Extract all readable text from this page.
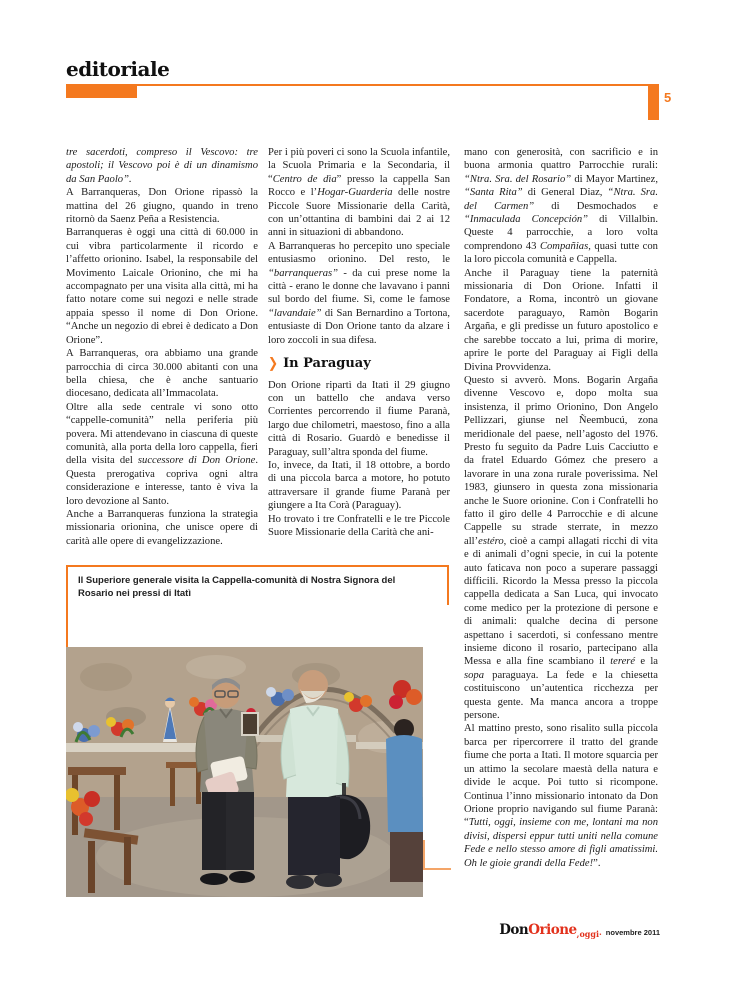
editoriale
5

tre sacerdoti, compreso il Vescovo: tre apostoli; il Vescovo poi è di un dinamismo da San Paolo”.

A Barranqueras, Don Orione ripassò la mattina del 26 giugno, quando in treno ritornò da Saenz Peña a Resistencia.

Barranqueras è oggi una città di 60.000 in cui vibra particolarmente il ricordo e l’affetto orionino. Isabel, la responsabile del Movimento Laicale Orionino, che mi ha accompagnato per una visita alla città, mi ha fatto notare come sui negozi e nelle strade appaia spesso il nome di Don Orione. “Anche un negozio di ebrei è dedicato a Don Orione”.

A Barranqueras, ora abbiamo una grande parrocchia di circa 30.000 abitanti con una bella chiesa, che è anche santuario diocesano, dedicata all’Immacolata.

Oltre alla sede centrale vi sono otto “cappelle-comunità” nella periferia più povera. Mi attendevano in ciascuna di queste comunità, alla porta della loro cappella, fieri della visita del successore di Don Orione. Questa prerogativa copriva ogni altra considerazione e interesse, tanto è viva la loro devozione al Santo.

Anche a Barranqueras funziona la strategia missionaria orionina, che unisce opere di carità alle opere di evangelizzazione.

Per i più poveri ci sono la Scuola infantile, la Scuola Primaria e la Secondaria, il “Centro de dìa” presso la cappella San Rocco e l’Hogar-Guarderia delle nostre Piccole Suore Missionarie della Carità, con un’ottantina di bambini dai 2 ai 12 anni in situazioni di abbandono.

A Barranqueras ho percepito uno speciale entusiasmo orionino. Del resto, le “barranqueras” - da cui prese nome la città - erano le donne che lavavano i panni sul bordo del fiume. Sì, come le famose “lavandaie” di San Bernardino a Tortona, entusiaste di Don Orione tanto da alzare i loro zoccoli in sua difesa.

❯ In Paraguay

Don Orione ripartì da Itatì il 29 giugno con un battello che andava verso Corrientes percorrendo il fiume Paranà, largo due chilometri, maestoso, fino a alla città di Rosario. Guardò e benedisse il Paraguay, sull’altra sponda del fiume.

Io, invece, da Itatì, il 18 ottobre, a bordo di una piccola barca a motore, ho potuto attraversare il grande fiume Paranà per giungere a Ita Corà (Paraguay).

Ho trovato i tre Confratelli e le tre Piccole Suore Missionarie della Carità che ani-

mano con generosità, con sacrificio e in buona armonia quattro Parrocchie rurali: “Ntra. Sra. del Rosario” di Mayor Martinez, “Santa Rita” di General Diaz, “Ntra. Sra. del Carmen” di Desmochados e “Inmaculada Concepción” di Villalbìn. Queste 4 parrocchie, a loro volta comprendono 43 Compañias, quasi tutte con la loro piccola comunità e Cappella.

Anche il Paraguay tiene la paternità missionaria di Don Orione. Infatti il Fondatore, a Roma, incontrò un giovane sacerdote paraguayo, Ramòn Bogarin Argaña, e gli predisse un futuro apostolico e che sarebbe toccato a lui, prima di morire, aprire le porte del Paraguay ai Figli della Divina Provvidenza.

Questo si avverò. Mons. Bogarin Argaña divenne Vescovo e, dopo molta sua insistenza, il primo Orionino, Don Angelo Pellizzari, giunse nel Ñeembucú, zona meridionale del paese, nell’agosto del 1976. Presto fu seguito da Padre Luis Cacciutto e da fratel Eduardo Gómez che presero a lavorare in una zona rurale poverissima. Nel 1983, giunsero in questa zona missionaria anche le Suore orionine. Con i Confratelli ho fatto il giro delle 4 Parrocchie e di alcune Cappelle su strade sterrate, in mezzo all’estéro, cioè a campi allagati ricchi di vita e di animali d’ogni specie, in cui la potente auto faticava non poco a superare passaggi difficili. Ricordo la Messa presso la piccola cappella dedicata a San Luca, qui invocato come medico per la protezione di persone e di animali: qualche decina di persone aspettano i sacerdoti, si confessano mentre insieme dicono il rosario, partecipano alla Messa e alla fine scambiano il tereré e la sopa paraguaya. La fede e la chiesetta costituiscono un’autentica ricchezza per questa gente. Ma manca ancora a troppe persone.

Al mattino presto, sono risalito sulla piccola barca per ripercorrere il tratto del grande fiume che porta a Itatì. Il motore squarcia per un attimo la secolare maestà della natura e divide le acque. Poi tutto si ricompone. Continua l’inno missionario intonato da Don Orione proprio navigando sul fiume Paranà: “Tutti, oggi, insieme con me, lontani ma non divisi, dispersi eppur tutti uniti nella comune Fede e nello stesso amore di figli amatissimi. Oh le gioie grandi della Fede!”.

Il Superiore generale visita la Cappella-comunità di Nostra Signora del Rosario nei pressi di Itatì
DonOrione,oggi· novembre 2011
